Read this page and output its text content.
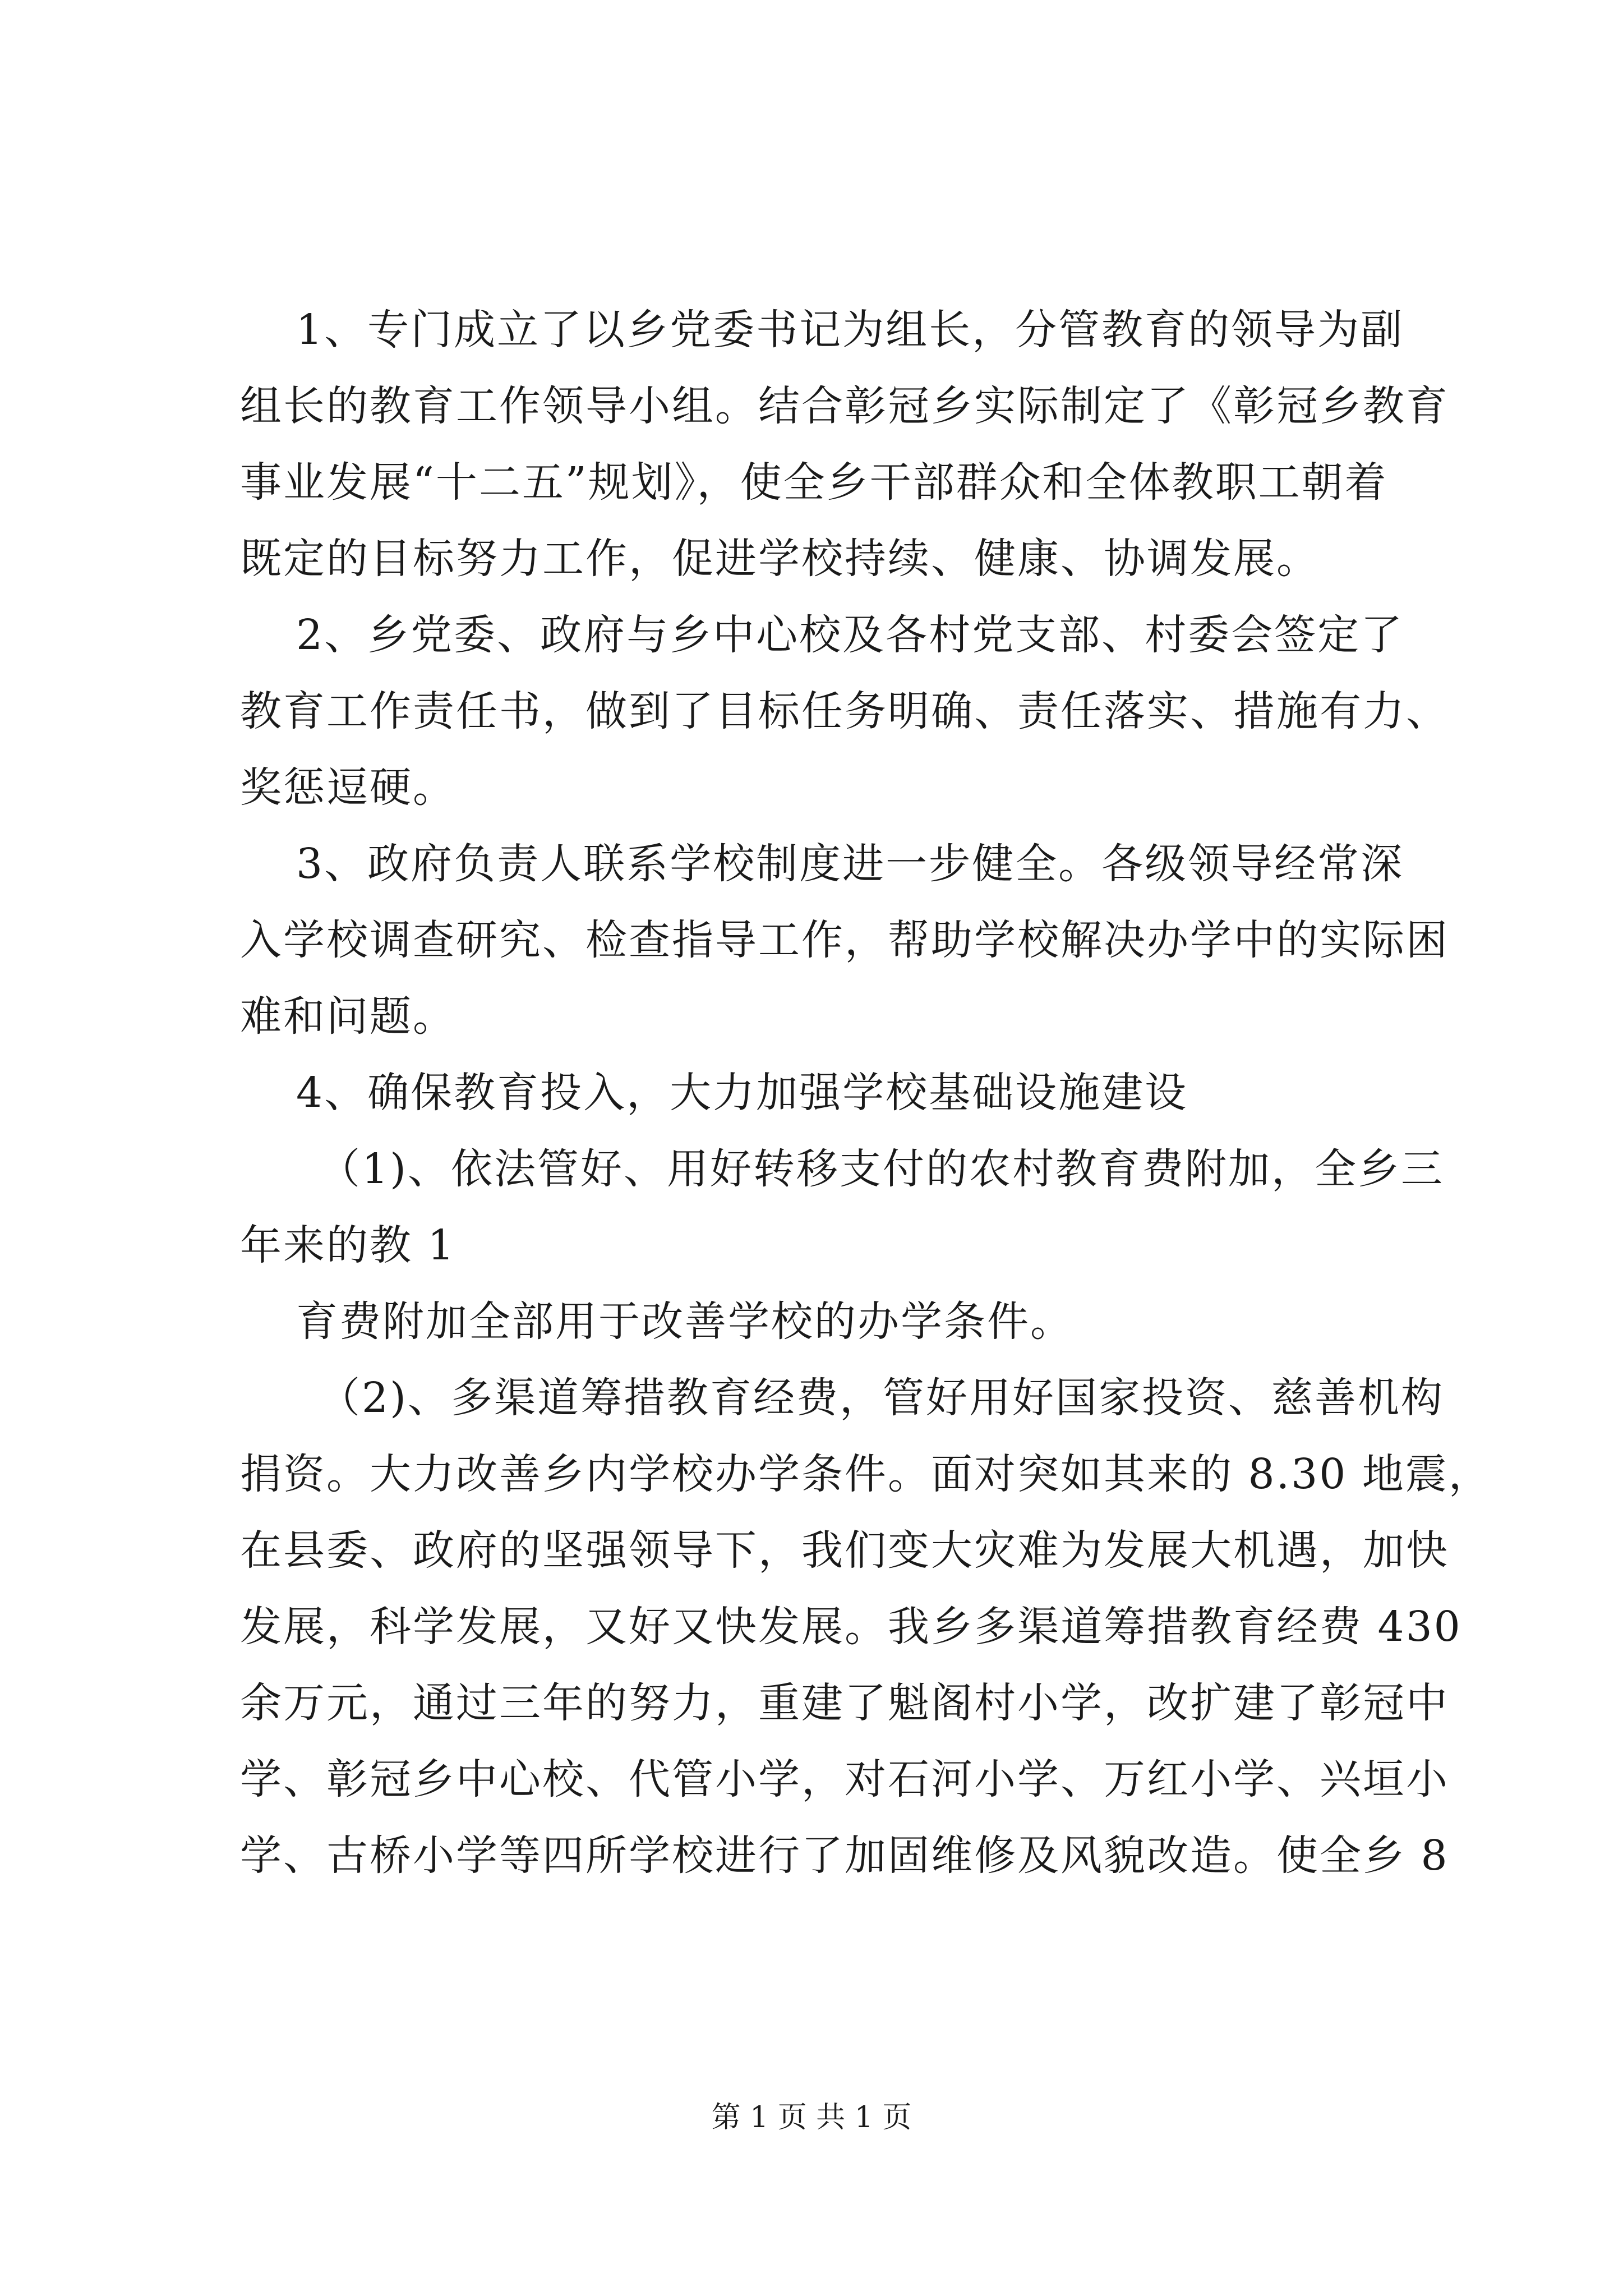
1、专门成立了以乡党委书记为组长，分管教育的领导为副
组长的教育工作领导小组。结合彰冠乡实际制定了《彰冠乡教育
事业发展“十二五”规划》，使全乡干部群众和全体教职工朝着
既定的目标努力工作，促进学校持续、健康、协调发展。
2、乡党委、政府与乡中心校及各村党支部、村委会签定了
教育工作责任书，做到了目标任务明确、责任落实、措施有力、
奖惩逗硬。
3、政府负责人联系学校制度进一步健全。各级领导经常深
入学校调查研究、检查指导工作，帮助学校解决办学中的实际困
难和问题。
4、确保教育投入，大力加强学校基础设施建设
（1)、依法管好、用好转移支付的农村教育费附加，全乡三
年来的教 1
育费附加全部用于改善学校的办学条件。
（2)、多渠道筹措教育经费，管好用好国家投资、慈善机构
捐资。大力改善乡内学校办学条件。面对突如其来的 8.30 地震，
在县委、政府的坚强领导下，我们变大灾难为发展大机遇，加快
发展，科学发展，又好又快发展。我乡多渠道筹措教育经费 430
余万元，通过三年的努力，重建了魁阁村小学，改扩建了彰冠中
学、彰冠乡中心校、代管小学，对石河小学、万红小学、兴垣小
学、古桥小学等四所学校进行了加固维修及风貌改造。使全乡 8
第 1 页 共 1 页
